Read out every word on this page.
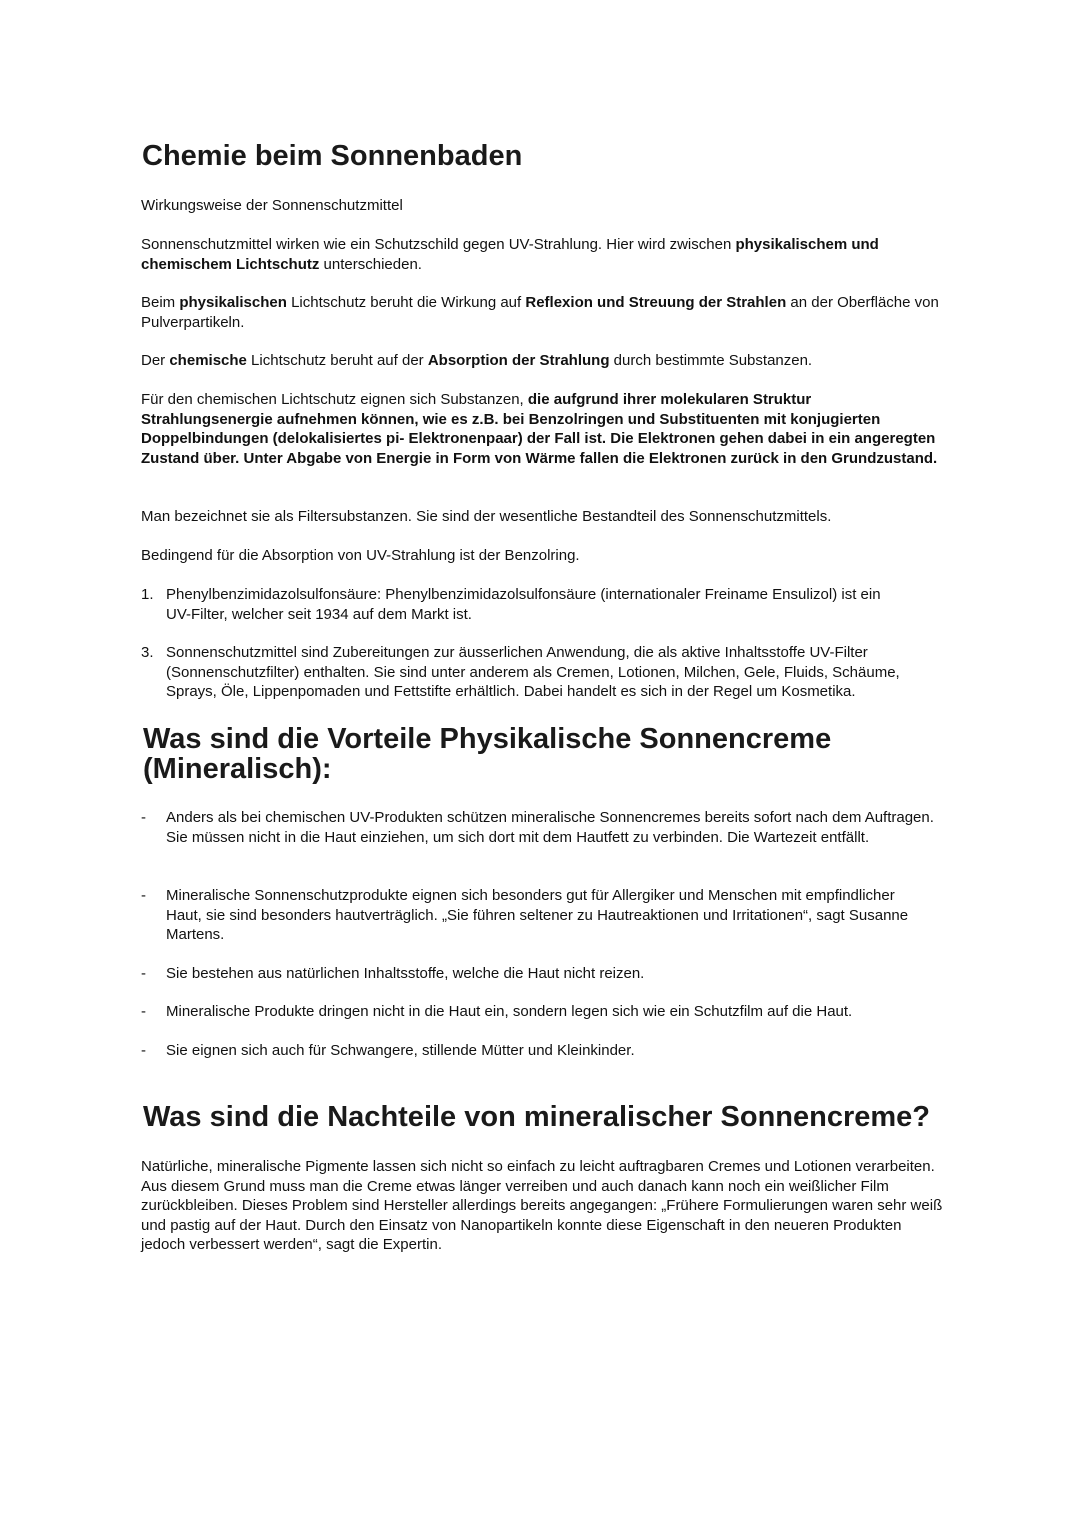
Chemie beim Sonnenbaden

Wirkungsweise der Sonnenschutzmittel

Sonnenschutzmittel wirken wie ein Schutzschild gegen UV-Strahlung. Hier wird zwischen physikalischem und chemischem Lichtschutz unterschieden.

Beim physikalischen Lichtschutz beruht die Wirkung auf Reflexion und Streuung der Strahlen an der Oberfläche von Pulverpartikeln.

Der chemische Lichtschutz beruht auf der Absorption der Strahlung durch bestimmte Substanzen.

Für den chemischen Lichtschutz eignen sich Substanzen, die aufgrund ihrer molekularen Struktur Strahlungsenergie aufnehmen können, wie es z.B. bei Benzolringen und Substituenten mit konjugierten Doppelbindungen (delokalisiertes pi- Elektronenpaar) der Fall ist. Die Elektronen gehen dabei in ein angeregten Zustand über. Unter Abgabe von Energie in Form von Wärme fallen die Elektronen zurück in den Grundzustand.

Man bezeichnet sie als Filtersubstanzen. Sie sind der wesentliche Bestandteil des Sonnenschutzmittels.

Bedingend für die Absorption von UV-Strahlung ist der Benzolring.

1. Phenylbenzimidazolsulfonsäure: Phenylbenzimidazolsulfonsäure (internationaler Freiname Ensulizol) ist ein UV-Filter, welcher seit 1934 auf dem Markt ist.

3. Sonnenschutzmittel sind Zubereitungen zur äusserlichen Anwendung, die als aktive Inhaltsstoffe UV-Filter (Sonnenschutzfilter) enthalten. Sie sind unter anderem als Cremen, Lotionen, Milchen, Gele, Fluids, Schäume, Sprays, Öle, Lippenpomaden und Fettstifte erhältlich. Dabei handelt es sich in der Regel um Kosmetika.

Was sind die Vorteile Physikalische Sonnencreme (Mineralisch):
- Anders als bei chemischen UV-Produkten schützen mineralische Sonnencremes bereits sofort nach dem Auftragen. Sie müssen nicht in die Haut einziehen, um sich dort mit dem Hautfett zu verbinden. Die Wartezeit entfällt.

- Mineralische Sonnenschutzprodukte eignen sich besonders gut für Allergiker und Menschen mit empfindlicher Haut, sie sind besonders hautverträglich. „Sie führen seltener zu Hautreaktionen und Irritationen“, sagt Susanne Martens.

- Sie bestehen aus natürlichen Inhaltsstoffe, welche die Haut nicht reizen.

- Mineralische Produkte dringen nicht in die Haut ein, sondern legen sich wie ein Schutzfilm auf die Haut.

- Sie eignen sich auch für Schwangere, stillende Mütter und Kleinkinder.

Was sind die Nachteile von mineralischer Sonnencreme?

Natürliche, mineralische Pigmente lassen sich nicht so einfach zu leicht auftragbaren Cremes und Lotionen verarbeiten. Aus diesem Grund muss man die Creme etwas länger verreiben und auch danach kann noch ein weißlicher Film zurückbleiben. Dieses Problem sind Hersteller allerdings bereits angegangen: „Frühere Formulierungen waren sehr weiß und pastig auf der Haut. Durch den Einsatz von Nanopartikeln konnte diese Eigenschaft in den neueren Produkten jedoch verbessert werden“, sagt die Expertin.
